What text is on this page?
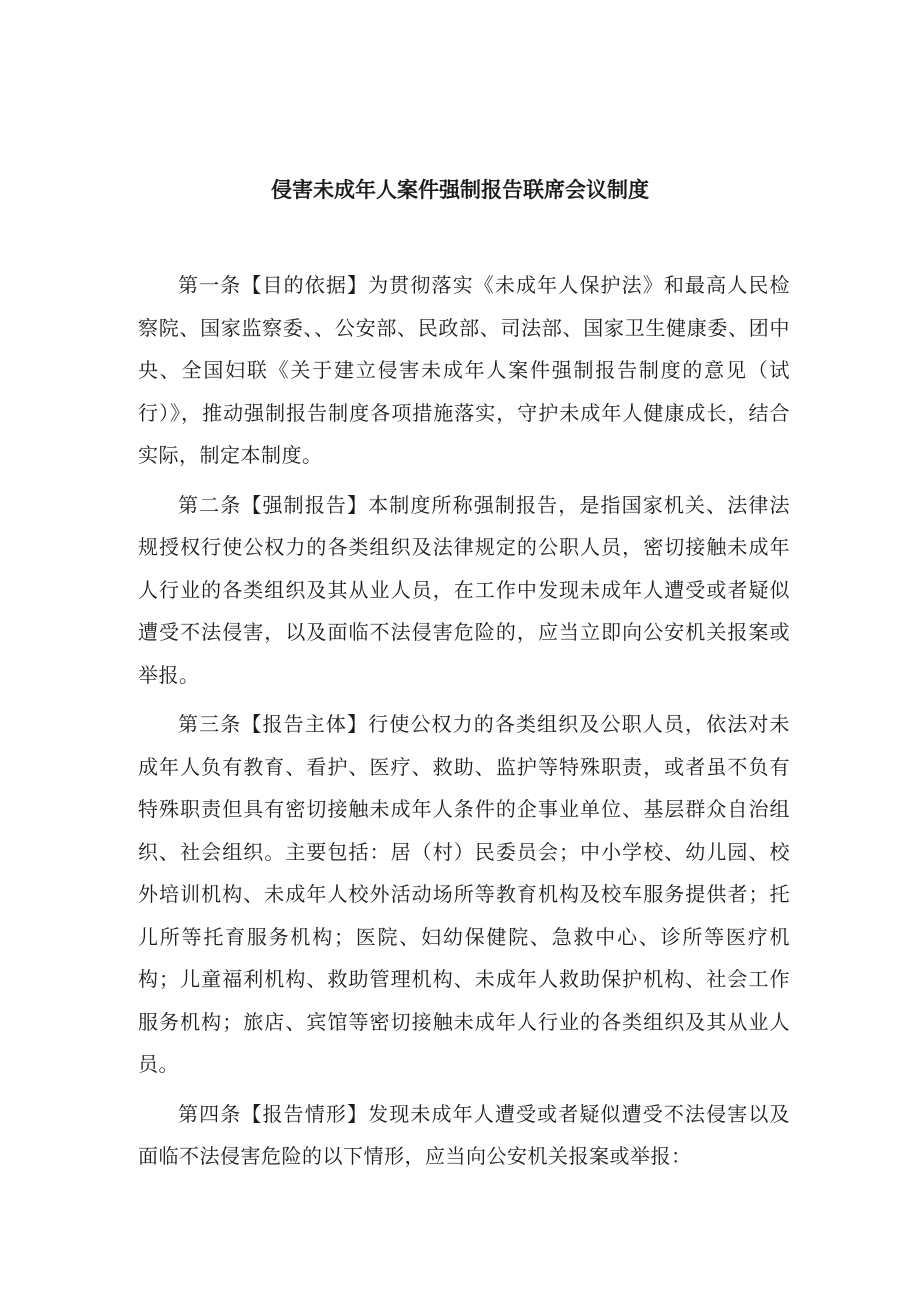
侵害未成年人案件强制报告联席会议制度

第一条【目的依据】为贯彻落实《未成年人保护法》和最高人民检察院、国家监察委、、公安部、民政部、司法部、国家卫生健康委、团中央、全国妇联《关于建立侵害未成年人案件强制报告制度的意见（试行）》，推动强制报告制度各项措施落实，守护未成年人健康成长，结合实际，制定本制度。

第二条【强制报告】本制度所称强制报告，是指国家机关、法律法规授权行使公权力的各类组织及法律规定的公职人员，密切接触未成年人行业的各类组织及其从业人员，在工作中发现未成年人遭受或者疑似遭受不法侵害，以及面临不法侵害危险的，应当立即向公安机关报案或举报。

第三条【报告主体】行使公权力的各类组织及公职人员，依法对未成年人负有教育、看护、医疗、救助、监护等特殊职责，或者虽不负有特殊职责但具有密切接触未成年人条件的企事业单位、基层群众自治组织、社会组织。主要包括：居（村）民委员会；中小学校、幼儿园、校外培训机构、未成年人校外活动场所等教育机构及校车服务提供者；托儿所等托育服务机构；医院、妇幼保健院、急救中心、诊所等医疗机构；儿童福利机构、救助管理机构、未成年人救助保护机构、社会工作服务机构；旅店、宾馆等密切接触未成年人行业的各类组织及其从业人员。

第四条【报告情形】发现未成年人遭受或者疑似遭受不法侵害以及面临不法侵害危险的以下情形，应当向公安机关报案或举报：
